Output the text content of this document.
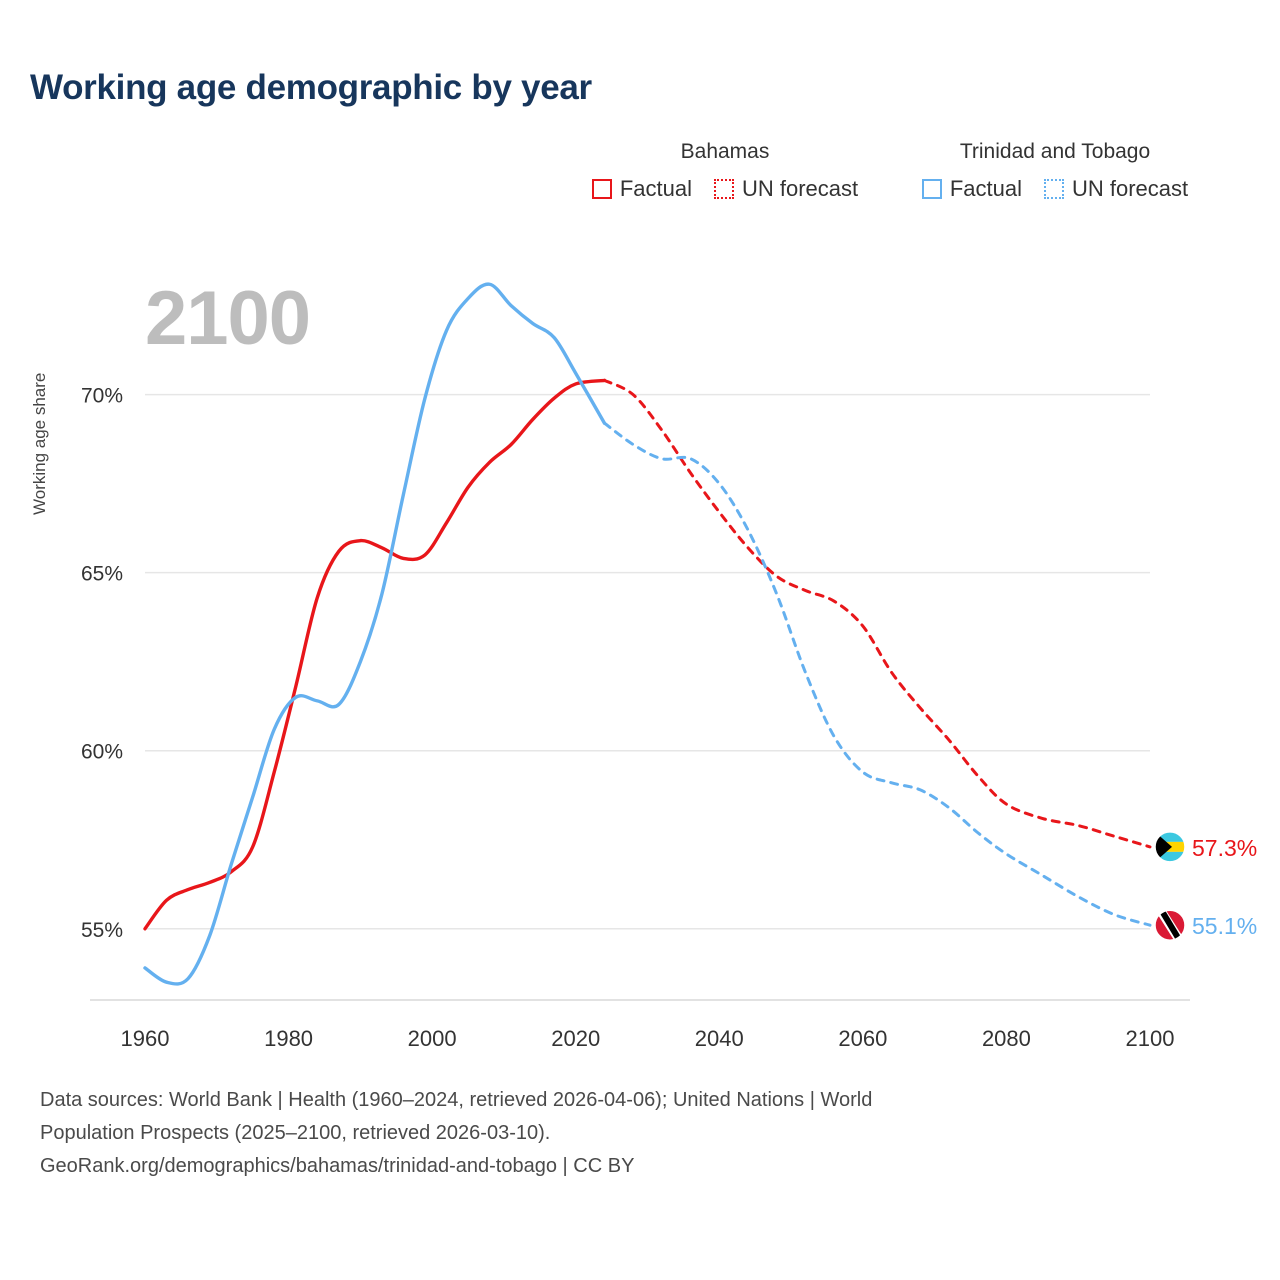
Working age demographic by year
Bahamas	Trinidad and Tobago
Factual UN forecast	Factual UN forecast
2100
Working age share
55%
60%
65%
70%
1960	1980	2000	2020	2040	2060	2080	2100
57.3%
55.1%
Data sources: World Bank | Health (1960–2024, retrieved 2026-04-06); United Nations | World
Population Prospects (2025–2100, retrieved 2026-03-10).
GeoRank.org/demographics/bahamas/trinidad-and-tobago | CC BY
